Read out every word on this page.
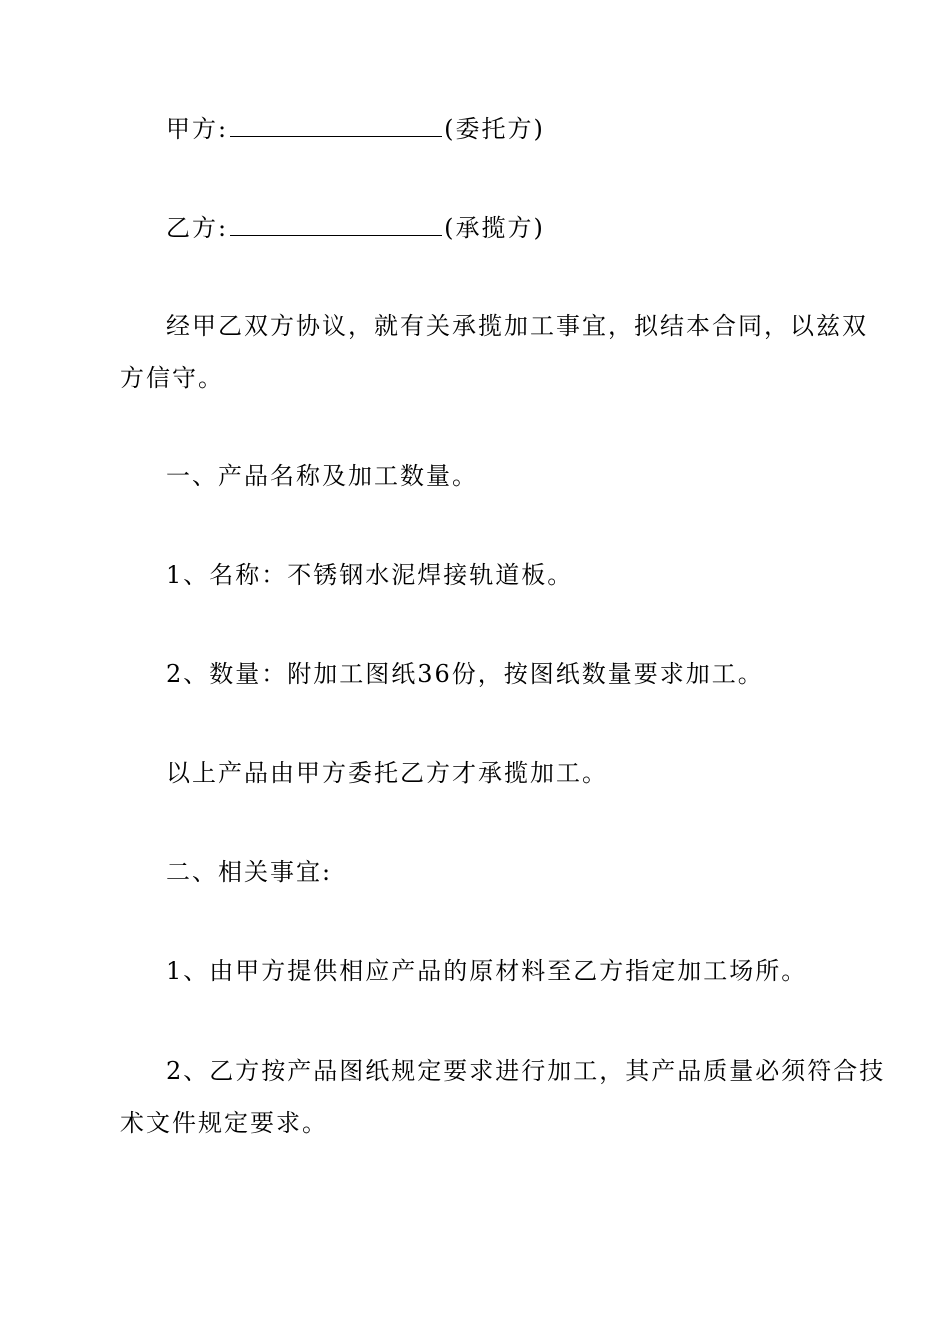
甲方:	(委托方)
乙方:	(承揽方)
经甲乙双方协议，就有关承揽加工事宜，拟结本合同，以兹双
方信守。
一、产品名称及加工数量。
1、名称：不锈钢水泥焊接轨道板。
2、数量：附加工图纸36份，按图纸数量要求加工。
以上产品由甲方委托乙方才承揽加工。
二、相关事宜:
1、由甲方提供相应产品的原材料至乙方指定加工场所。
2、乙方按产品图纸规定要求进行加工，其产品质量必须符合技
术文件规定要求。
